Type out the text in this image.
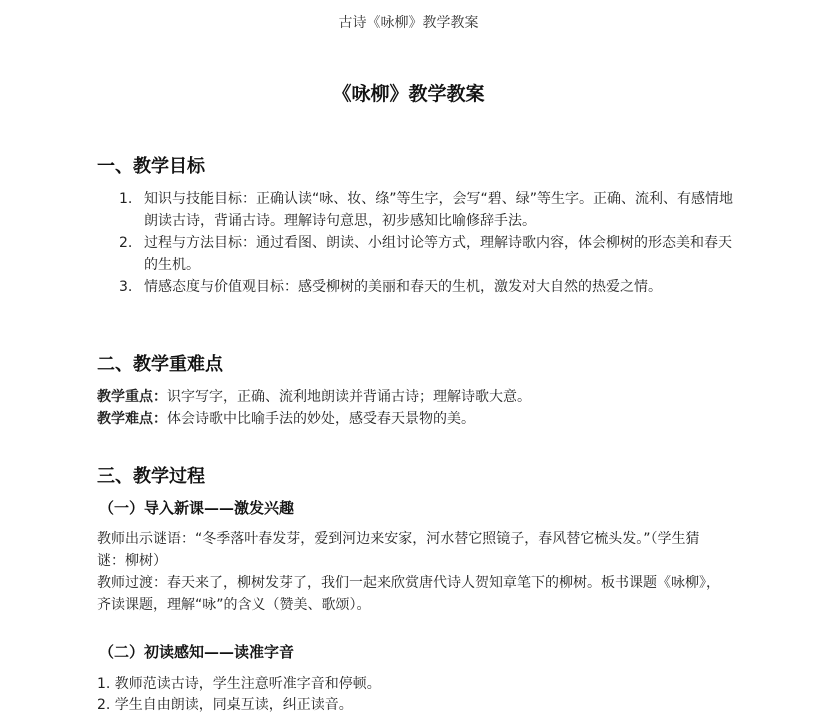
古诗《咏柳》教学教案
《咏柳》教学教案
一、教学目标
1. 知识与技能目标：正确认读“咏、妆、绦”等生字，会写“碧、绿”等生字。正确、流利、有感情地朗读古诗，背诵古诗。理解诗句意思，初步感知比喻修辞手法。
2. 过程与方法目标：通过看图、朗读、小组讨论等方式，理解诗歌内容，体会柳树的形态美和春天的生机。
3. 情感态度与价值观目标：感受柳树的美丽和春天的生机，激发对大自然的热爱之情。
二、教学重难点

教学重点：识字写字，正确、流利地朗读并背诵古诗；理解诗歌大意。

教学难点：体会诗歌中比喻手法的妙处，感受春天景物的美。

三、教学过程
（一）导入新课——激发兴趣

教师出示谜语：“冬季落叶春发芽，爱到河边来安家，河水替它照镜子，春风替它梳头发。”（学生猜谜：柳树）

教师过渡：春天来了，柳树发芽了，我们一起来欣赏唐代诗人贺知章笔下的柳树。板书课题《咏柳》，齐读课题，理解“咏”的含义（赞美、歌颂）。

（二）初读感知——读准字音

1. 教师范读古诗，学生注意听准字音和停顿。

2. 学生自由朗读，同桌互读，纠正读音。
